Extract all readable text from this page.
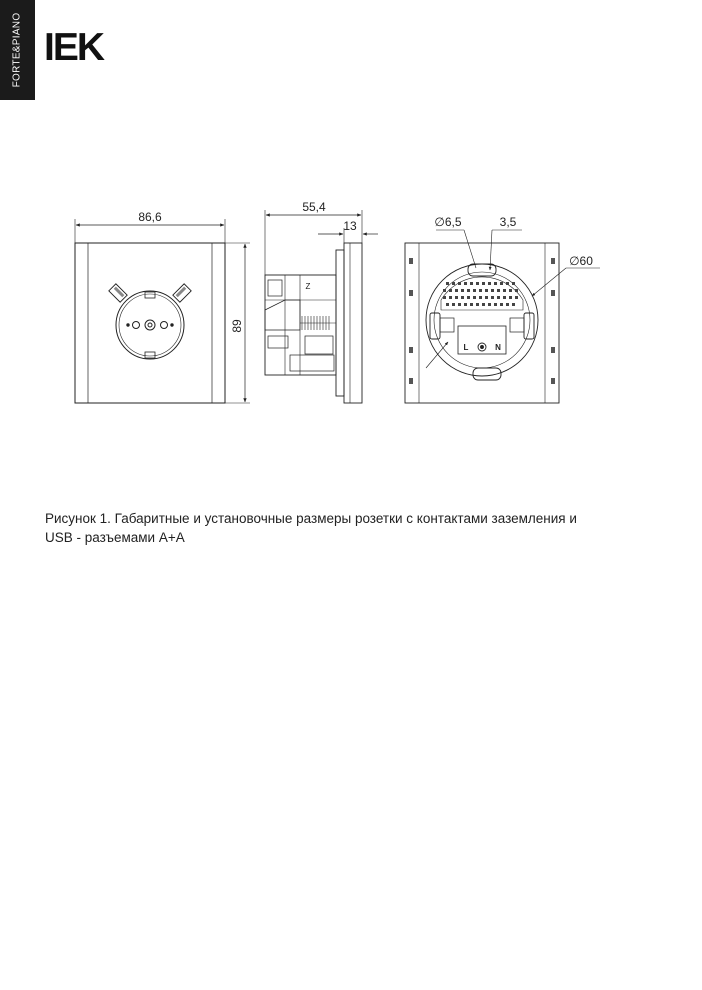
FORTE&PIANO IEK
86,6
89
55,4
13
Z
∅6,5	3,5
∅60
L	N
Рисунок 1. Габаритные и установочные размеры розетки с контактами заземления и
USB - разъемами А+А
